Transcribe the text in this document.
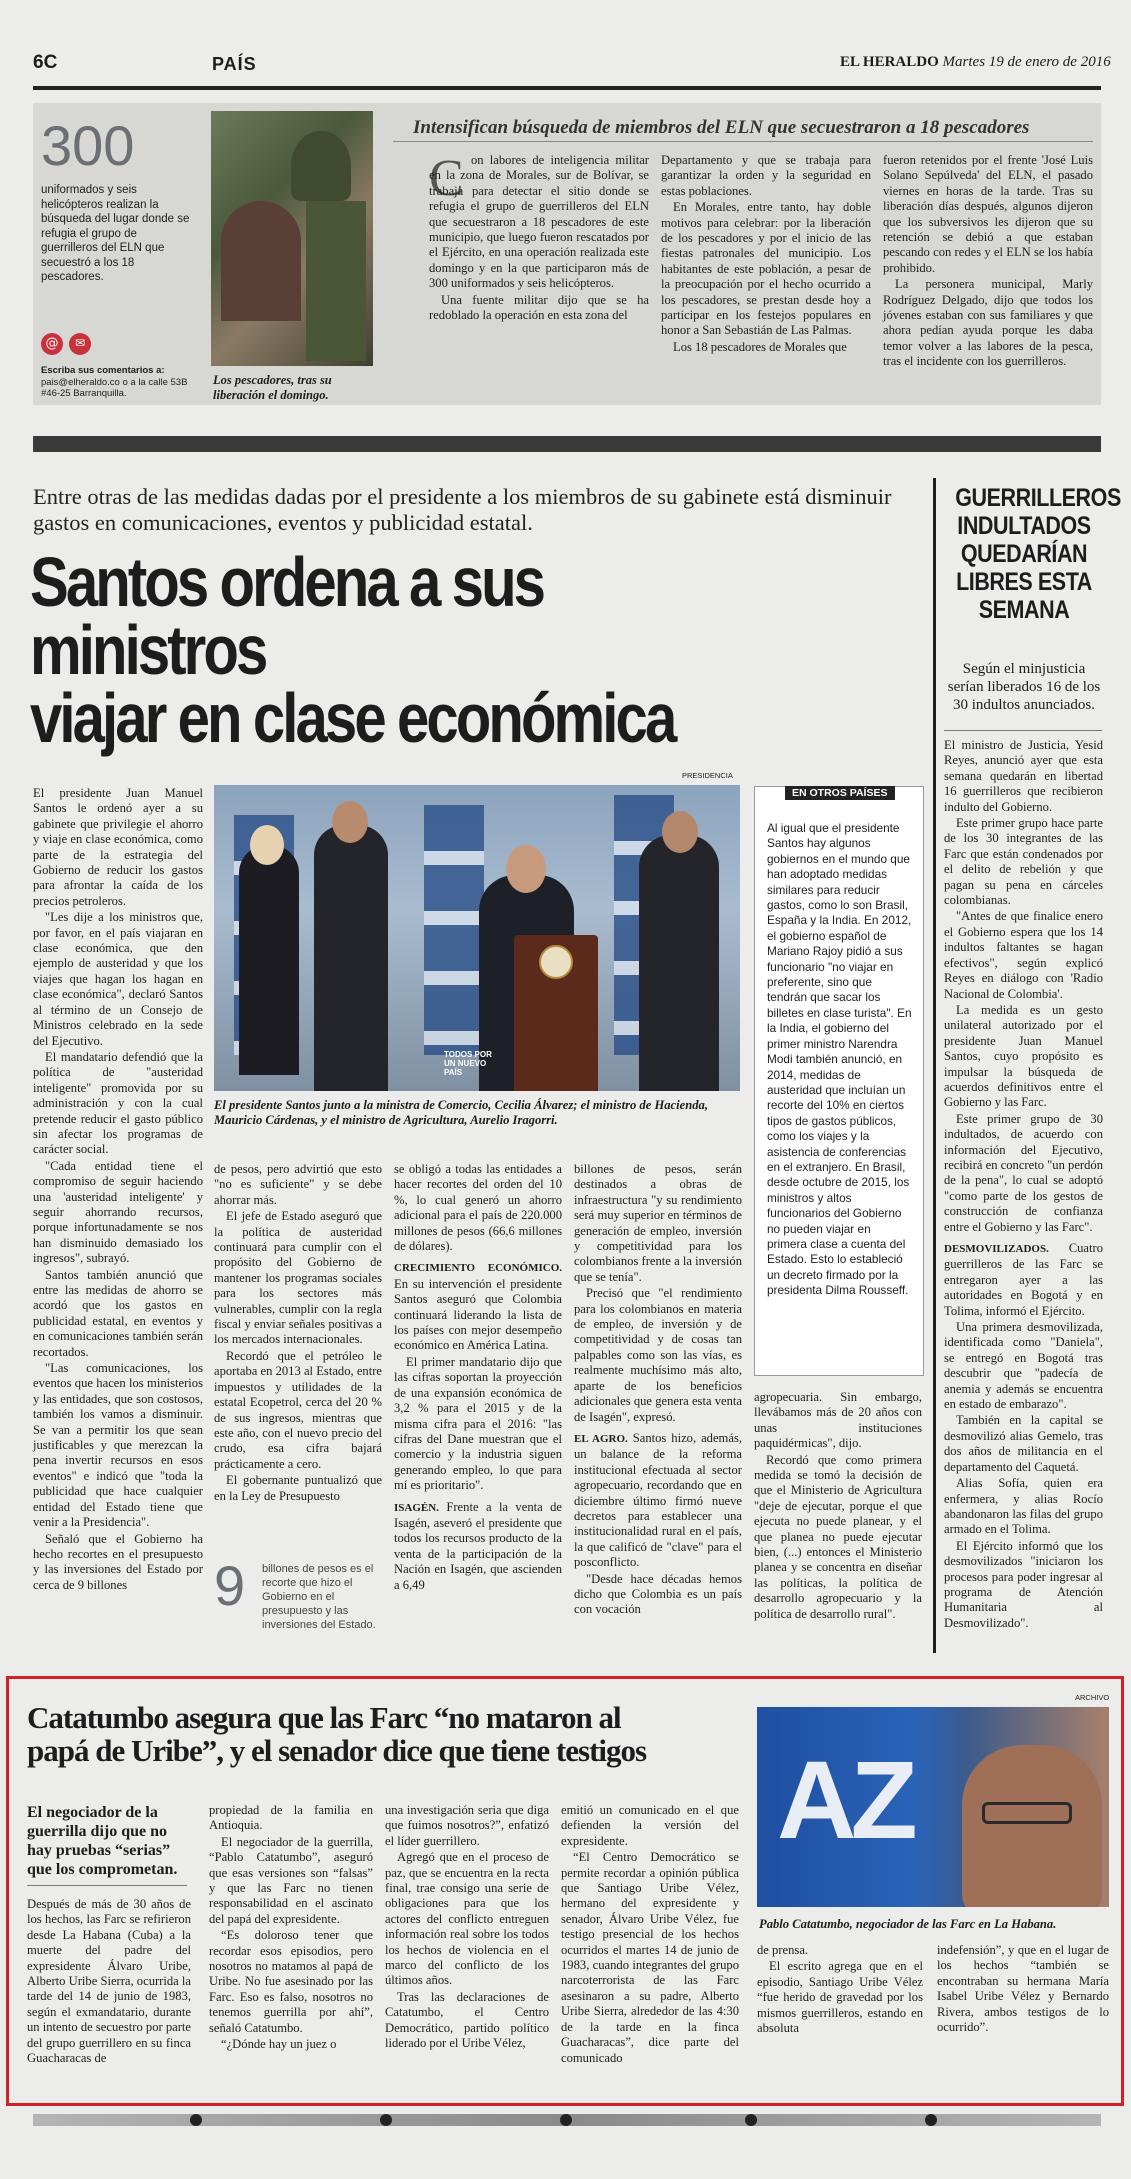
6C	PAÍS	EL HERALDO Martes 19 de enero de 2016
300
uniformados y seis helicópteros realizan la búsqueda del lugar donde se refugia el grupo de guerrilleros del ELN que secuestró a los 18 pescadores.
@	✉
Escriba sus comentarios a:
pais@elheraldo.co o a la calle 53B #46-25 Barranquilla.
Los pescadores, tras su liberación el domingo.
Intensifican búsqueda de miembros del ELN que secuestraron a 18 pescadores
C on labores de inteligencia militar en la zona de Morales, sur de Bolívar, se trabaja para detectar el sitio donde se refugia el grupo de guerrilleros del ELN que secuestraron a 18 pescadores de este municipio, que luego fueron rescatados por el Ejército, en una operación realizada este domingo y en la que participaron más de 300 uniformados y seis helicópteros.

Una fuente militar dijo que se ha redoblado la operación en esta zona del

Departamento y que se trabaja para garantizar la orden y la seguridad en estas poblaciones.

En Morales, entre tanto, hay doble motivos para celebrar: por la liberación de los pescadores y por el inicio de las fiestas patronales del municipio. Los habitantes de este población, a pesar de la preocupación por el hecho ocurrido a los pescadores, se prestan desde hoy a participar en los festejos populares en honor a San Sebastián de Las Palmas.

Los 18 pescadores de Morales que

fueron retenidos por el frente 'José Luis Solano Sepúlveda' del ELN, el pasado viernes en horas de la tarde. Tras su liberación días después, algunos dijeron que los subversivos les dijeron que su retención se debió a que estaban pescando con redes y el ELN se los había prohibido.

La personera municipal, Marly Rodríguez Delgado, dijo que todos los jóvenes estaban con sus familiares y que ahora pedían ayuda porque les daba temor volver a las labores de la pesca, tras el incidente con los guerrilleros.

Entre otras de las medidas dadas por el presidente a los miembros de su gabinete está disminuir gastos en comunicaciones, eventos y publicidad estatal.
Santos ordena a sus ministros
viajar en clase económica
PRESIDENCIA
TODOS POR UN NUEVO PAÍS
El presidente Santos junto a la ministra de Comercio, Cecilia Álvarez; el ministro de Hacienda, Mauricio Cárdenas, y el ministro de Agricultura, Aurelio Iragorri.

El presidente Juan Manuel Santos le ordenó ayer a su gabinete que privilegie el ahorro y viaje en clase económica, como parte de la estrategia del Gobierno de reducir los gastos para afrontar la caída de los precios petroleros.

"Les dije a los ministros que, por favor, en el país viajaran en clase económica, que den ejemplo de austeridad y que los viajes que hagan los hagan en clase económica", declaró Santos al término de un Consejo de Ministros celebrado en la sede del Ejecutivo.

El mandatario defendió que la política de "austeridad inteligente" promovida por su administración y con la cual pretende reducir el gasto público sin afectar los programas de carácter social.

"Cada entidad tiene el compromiso de seguir haciendo una 'austeridad inteligente' y seguir ahorrando recursos, porque infortunadamente se nos han disminuido demasiado los ingresos", subrayó.

Santos también anunció que entre las medidas de ahorro se acordó que los gastos en publicidad estatal, en eventos y en comunicaciones también serán recortados.

"Las comunicaciones, los eventos que hacen los ministerios y las entidades, que son costosos, también los vamos a disminuir. Se van a permitir los que sean justificables y que merezcan la pena invertir recursos en esos eventos" e indicó que "toda la publicidad que hace cualquier entidad del Estado tiene que venir a la Presidencia".

Señaló que el Gobierno ha hecho recortes en el presupuesto y las inversiones del Estado por cerca de 9 billones

de pesos, pero advirtió que esto "no es suficiente" y se debe ahorrar más.

El jefe de Estado aseguró que la política de austeridad continuará para cumplir con el propósito del Gobierno de mantener los programas sociales para los sectores más vulnerables, cumplir con la regla fiscal y enviar señales positivas a los mercados internacionales.

Recordó que el petróleo le aportaba en 2013 al Estado, entre impuestos y utilidades de la estatal Ecopetrol, cerca del 20 % de sus ingresos, mientras que este año, con el nuevo precio del crudo, esa cifra bajará prácticamente a cero.

El gobernante puntualizó que en la Ley de Presupuesto

9 billones de pesos es el recorte que hizo el Gobierno en el presupuesto y las inversiones del Estado.

se obligó a todas las entidades a hacer recortes del orden del 10 %, lo cual generó un ahorro adicional para el país de 220.000 millones de pesos (66,6 millones de dólares).

CRECIMIENTO ECONÓMICO. En su intervención el presidente Santos aseguró que Colombia continuará liderando la lista de los países con mejor desempeño económico en América Latina.

El primer mandatario dijo que las cifras soportan la proyección de una expansión económica de 3,2 % para el 2015 y de la misma cifra para el 2016: "las cifras del Dane muestran que el comercio y la industria siguen generando empleo, lo que para mí es prioritario".

ISAGÉN. Frente a la venta de Isagén, aseveró el presidente que todos los recursos producto de la venta de la participación de la Nación en Isagén, que ascienden a 6,49

billones de pesos, serán destinados a obras de infraestructura "y su rendimiento será muy superior en términos de generación de empleo, inversión y competitividad para los colombianos frente a la inversión que se tenía".

Precisó que "el rendimiento para los colombianos en materia de empleo, de inversión y de competitividad y de cosas tan palpables como son las vías, es realmente muchísimo más alto, aparte de los beneficios adicionales que genera esta venta de Isagén", expresó.

EL AGRO. Santos hizo, además, un balance de la reforma institucional efectuada al sector agropecuario, recordando que en diciembre último firmó nueve decretos para establecer una institucionalidad rural en el país, la que calificó de "clave" para el posconflicto.

"Desde hace décadas hemos dicho que Colombia es un país con vocación

agropecuaria. Sin embargo, llevábamos más de 20 años con unas instituciones paquidérmicas", dijo.

Recordó que como primera medida se tomó la decisión de que el Ministerio de Agricultura "deje de ejecutar, porque el que ejecuta no puede planear, y el que planea no puede ejecutar bien, (...) entonces el Ministerio planea y se concentra en diseñar las políticas, la política de desarrollo agropecuario y la política de desarrollo rural".

EN OTROS PAÍSES
Al igual que el presidente Santos hay algunos gobiernos en el mundo que han adoptado medidas similares para reducir gastos, como lo son Brasil, España y la India. En 2012, el gobierno español de Mariano Rajoy pidió a sus funcionario "no viajar en preferente, sino que tendrán que sacar los billetes en clase turista". En la India, el gobierno del primer ministro Narendra Modi también anunció, en 2014, medidas de austeridad que incluían un recorte del 10% en ciertos tipos de gastos públicos, como los viajes y la asistencia de conferencias en el extranjero. En Brasil, desde octubre de 2015, los ministros y altos funcionarios del Gobierno no pueden viajar en primera clase a cuenta del Estado. Esto lo estableció un decreto firmado por la presidenta Dilma Rousseff.
GUERRILLEROS INDULTADOS QUEDARÍAN LIBRES ESTA SEMANA
Según el minjusticia serían liberados 16 de los 30 indultos anunciados.

El ministro de Justicia, Yesid Reyes, anunció ayer que esta semana quedarán en libertad 16 guerrilleros que recibieron indulto del Gobierno.

Este primer grupo hace parte de los 30 integrantes de las Farc que están condenados por el delito de rebelión y que pagan su pena en cárceles colombianas.

"Antes de que finalice enero el Gobierno espera que los 14 indultos faltantes se hagan efectivos", según explicó Reyes en diálogo con 'Radio Nacional de Colombia'.

La medida es un gesto unilateral autorizado por el presidente Juan Manuel Santos, cuyo propósito es impulsar la búsqueda de acuerdos definitivos entre el Gobierno y las Farc.

Este primer grupo de 30 indultados, de acuerdo con información del Ejecutivo, recibirá en concreto "un perdón de la pena", lo cual se adoptó "como parte de los gestos de construcción de confianza entre el Gobierno y las Farc".

DESMOVILIZADOS. Cuatro guerrilleros de las Farc se entregaron ayer a las autoridades en Bogotá y en Tolima, informó el Ejército.

Una primera desmovilizada, identificada como "Daniela", se entregó en Bogotá tras descubrir que "padecía de anemia y además se encuentra en estado de embarazo".

También en la capital se desmovilizó alias Gemelo, tras dos años de militancia en el departamento del Caquetá.

Alias Sofía, quien era enfermera, y alias Rocío abandonaron las filas del grupo armado en el Tolima.

El Ejército informó que los desmovilizados "iniciaron los procesos para poder ingresar al programa de Atención Humanitaria al Desmovilizado".

Catatumbo asegura que las Farc “no mataron al
papá de Uribe”, y el senador dice que tiene testigos
ARCHIVO
AZ
Pablo Catatumbo, negociador de las Farc en La Habana.
El negociador de la guerrilla dijo que no hay pruebas “serias” que los comprometan.

Después de más de 30 años de los hechos, las Farc se refirieron desde La Habana (Cuba) a la muerte del padre del expresidente Álvaro Uribe, Alberto Uribe Sierra, ocurrida la tarde del 14 de junio de 1983, según el exmandatario, durante un intento de secuestro por parte del grupo guerrillero en su finca Guacharacas de

propiedad de la familia en Antioquia.

El negociador de la guerrilla, “Pablo Catatumbo”, aseguró que esas versiones son “falsas” y que las Farc no tienen responsabilidad en el ascinato del papá del expresidente.

“Es doloroso tener que recordar esos episodios, pero nosotros no matamos al papá de Uribe. No fue asesinado por las Farc. Eso es falso, nosotros no tenemos guerrilla por ahí”, señaló Catatumbo.

“¿Dónde hay un juez o

una investigación seria que diga que fuimos nosotros?”, enfatizó el líder guerrillero.

Agregó que en el proceso de paz, que se encuentra en la recta final, trae consigo una serie de obligaciones para que los actores del conflicto entreguen información real sobre los todos los hechos de violencia en el marco del conflicto de los últimos años.

Tras las declaraciones de Catatumbo, el Centro Democrático, partido político liderado por el Uribe Vélez,

emitió un comunicado en el que defienden la versión del expresidente.

“El Centro Democrático se permite recordar a opinión pública que Santiago Uribe Vélez, hermano del expresidente y senador, Álvaro Uribe Vélez, fue testigo presencial de los hechos ocurridos el martes 14 de junio de 1983, cuando integrantes del grupo narcoterrorista de las Farc asesinaron a su padre, Alberto Uribe Sierra, alrededor de las 4:30 de la tarde en la finca Guacharacas”, dice parte del comunicado

de prensa.

El escrito agrega que en el episodio, Santiago Uribe Vélez “fue herido de gravedad por los mismos guerrilleros, estando en absoluta

indefensión”, y que en el lugar de los hechos “también se encontraban su hermana María Isabel Uribe Vélez y Bernardo Rivera, ambos testigos de lo ocurrido”.
